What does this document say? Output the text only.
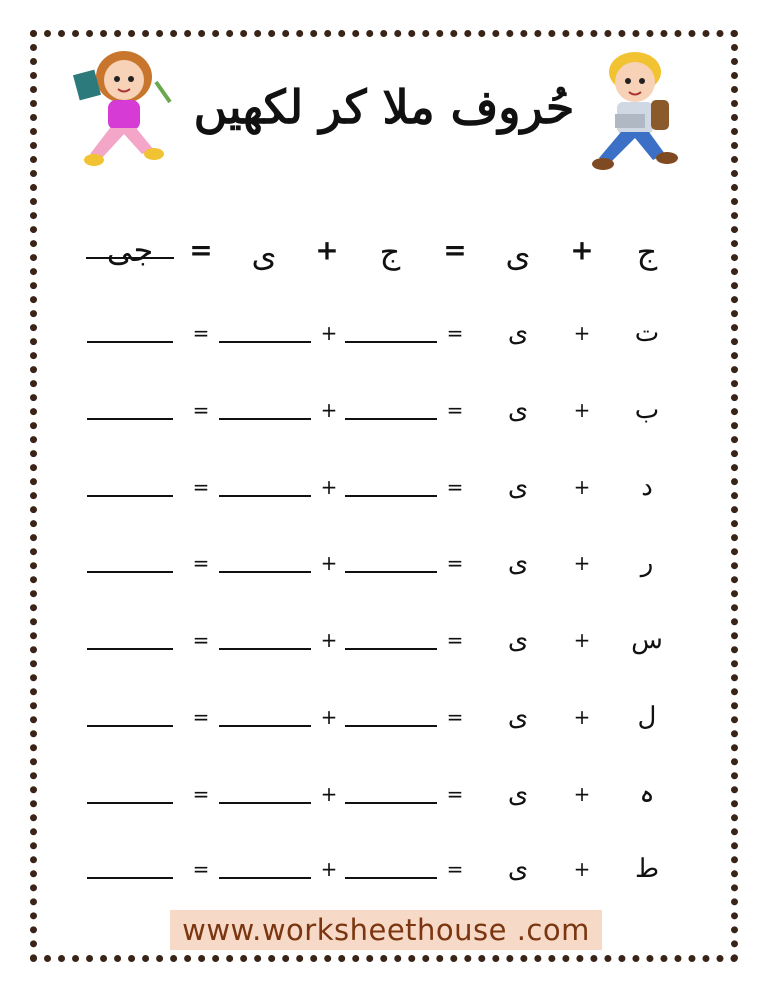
حُروف ملا کر لکھیں
ج
+
ی
=
ج
+
ی
=
جی
ت
+
ی
=
+
=
ب
+
ی
=
+
=
د
+
ی
=
+
=
ر
+
ی
=
+
=
س
+
ی
=
+
=
ل
+
ی
=
+
=
ہ
+
ی
=
+
=
ط
+
ی
=
+
=
www.worksheethouse .com
